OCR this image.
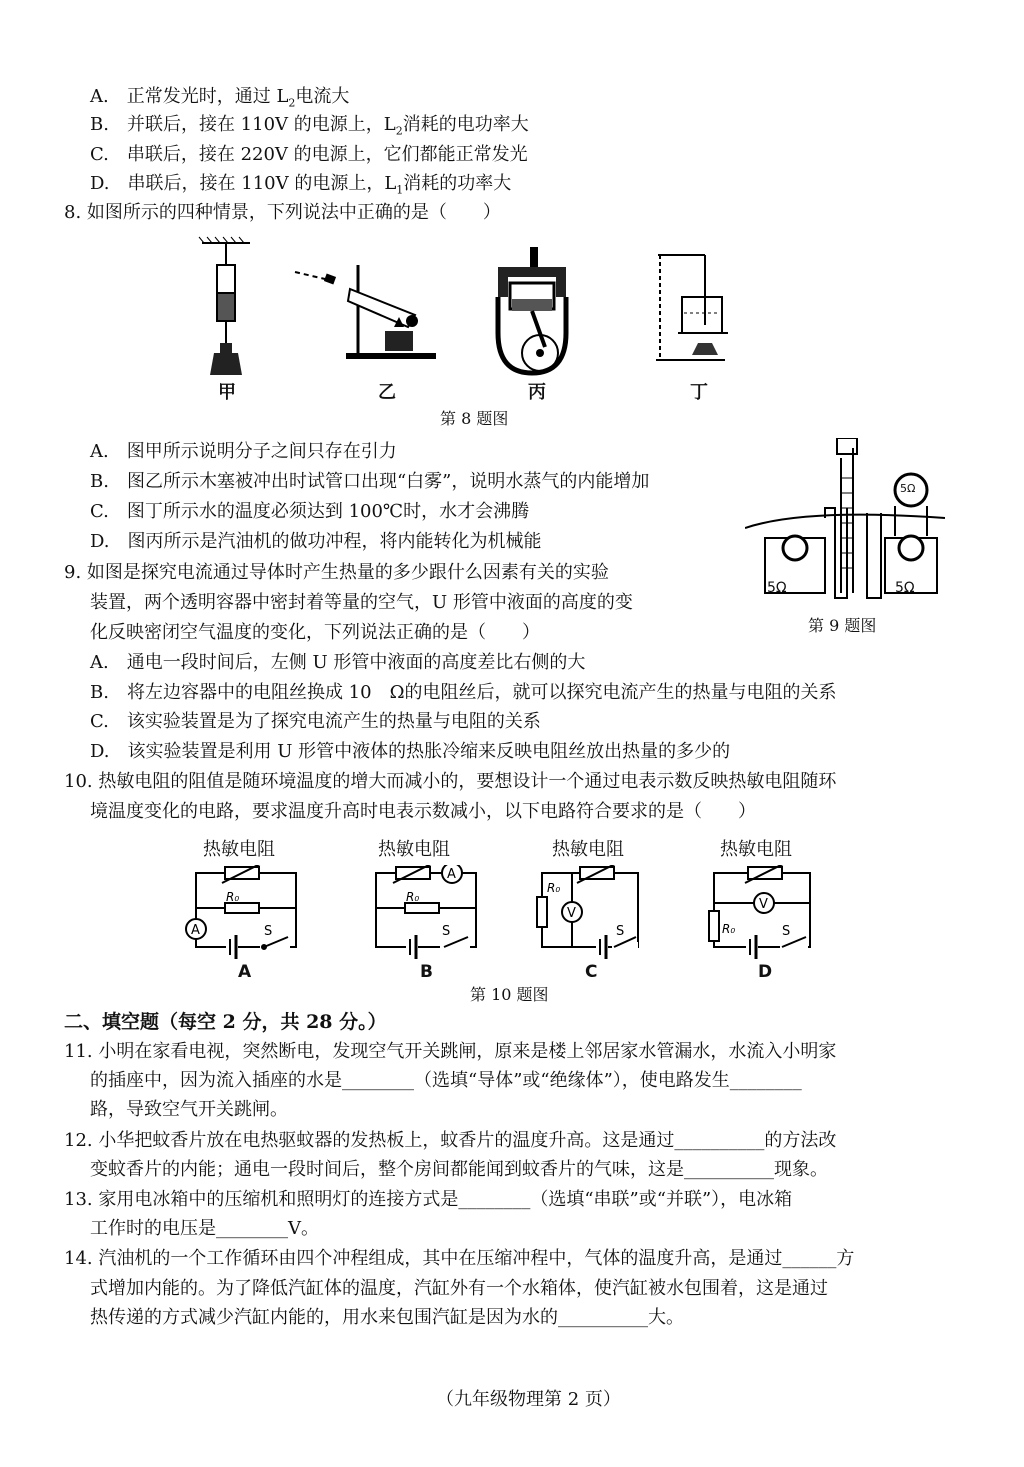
A.　 正常发光时，通过 $L_2$电流大
B.　 并联后，接在 110V 的电源上，$L_2$消耗的电功率大
C.　 串联后，接在 220V 的电源上，它们都能正常发光
D.　 串联后，接在 110V 的电源上，$L_1$消耗的功率大
8. 如图所示的四种情景，下列说法中正确的是（　　）
甲	乙	丙	丁
第 8 题图
A.　图甲所示说明分子之间只存在引力
B.　图乙所示木塞被冲出时试管口出现“白雾”，说明水蒸气的内能增加
C.　图丁所示水的温度必须达到 100℃时，水才会沸腾
D.　图丙所示是汽油机的做功冲程，将内能转化为机械能
5Ω	5Ω
5Ω
第 9 题图
9. 如图是探究电流通过导体时产生热量的多少跟什么因素有关的实验
装置，两个透明容器中密封着等量的空气，U 形管中液面的高度的变
化反映密闭空气温度的变化，下列说法正确的是（　　）
A.　通电一段时间后，左侧 U 形管中液面的高度差比右侧的大
B.　将左边容器中的电阻丝换成 10　Ω的电阻丝后，就可以探究电流产生的热量与电阻的关系
C.　该实验装置是为了探究电流产生的热量与电阻的关系
D.　该实验装置是利用 U 形管中液体的热胀冷缩来反映电阻丝放出热量的多少的
10. 热敏电阻的阻值是随环境温度的增大而减小的，要想设计一个通过电表示数反映热敏电阻随环
境温度变化的电路，要求温度升高时电表示数减小，以下电路符合要求的是（　　）
热敏电阻	热敏电阻	热敏电阻	热敏电阻
R₀
A	S
R₀
A
S
R₀
V
S	R₀
V
S
A	B	C	D
第 10 题图
二、填空题（每空 2 分，共 28 分。）
11. 小明在家看电视，突然断电，发现空气开关跳闸，原来是楼上邻居家水管漏水，水流入小明家
的插座中，因为流入插座的水是________（选填“导体”或“绝缘体”），使电路发生________
路，导致空气开关跳闸。
12. 小华把蚊香片放在电热驱蚊器的发热板上，蚊香片的温度升高。这是通过__________的方法改
变蚊香片的内能；通电一段时间后，整个房间都能闻到蚊香片的气味，这是__________现象。
13. 家用电冰箱中的压缩机和照明灯的连接方式是________（选填“串联”或“并联”），电冰箱
工作时的电压是________V。
14. 汽油机的一个工作循环由四个冲程组成，其中在压缩冲程中，气体的温度升高，是通过______方
式增加内能的。为了降低汽缸体的温度，汽缸外有一个水箱体，使汽缸被水包围着，这是通过
热传递的方式减少汽缸内能的，用水来包围汽缸是因为水的__________大。
（九年级物理第 2 页）
